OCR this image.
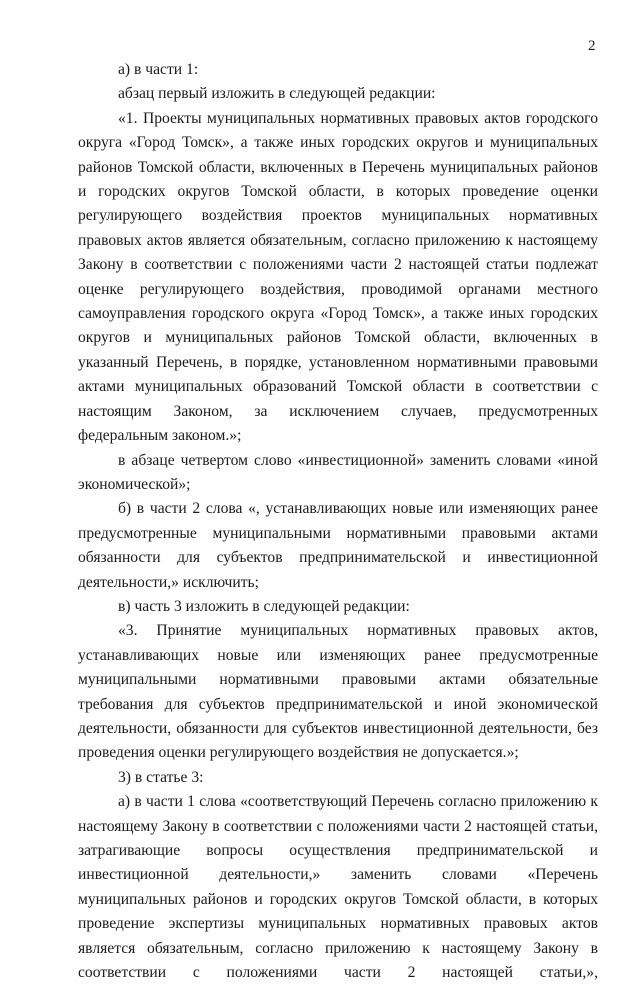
2

а) в части 1:

абзац первый изложить в следующей редакции:

«1. Проекты муниципальных нормативных правовых актов городского округа «Город Томск», а также иных городских округов и муниципальных районов Томской области, включенных в Перечень муниципальных районов и городских округов Томской области, в которых проведение оценки регулирующего воздействия проектов муниципальных нормативных правовых актов является обязательным, согласно приложению к настоящему Закону в соответствии с положениями части 2 настоящей статьи подлежат оценке регулирующего воздействия, проводимой органами местного самоуправления городского округа «Город Томск», а также иных городских округов и муниципальных районов Томской области, включенных в указанный Перечень, в порядке, установленном нормативными правовыми актами муниципальных образований Томской области в соответствии с настоящим Законом, за исключением случаев, предусмотренных федеральным законом.»;

в абзаце четвертом слово «инвестиционной» заменить словами «иной экономической»;

б) в части 2 слова «, устанавливающих новые или изменяющих ранее предусмотренные муниципальными нормативными правовыми актами обязанности для субъектов предпринимательской и инвестиционной деятельности,» исключить;

в) часть 3 изложить в следующей редакции:

«3. Принятие муниципальных нормативных правовых актов, устанавливающих новые или изменяющих ранее предусмотренные муниципальными нормативными правовыми актами обязательные требования для субъектов предпринимательской и иной экономической деятельности, обязанности для субъектов инвестиционной деятельности, без проведения оценки регулирующего воздействия не допускается.»;

3) в статье 3:

а) в части 1 слова «соответствующий Перечень согласно приложению к настоящему Закону в соответствии с положениями части 2 настоящей статьи, затрагивающие вопросы осуществления предпринимательской и инвестиционной деятельности,» заменить словами «Перечень муниципальных районов и городских округов Томской области, в которых проведение экспертизы муниципальных нормативных правовых актов является обязательным, согласно приложению к настоящему Закону в соответствии с положениями части 2 настоящей статьи,»,
